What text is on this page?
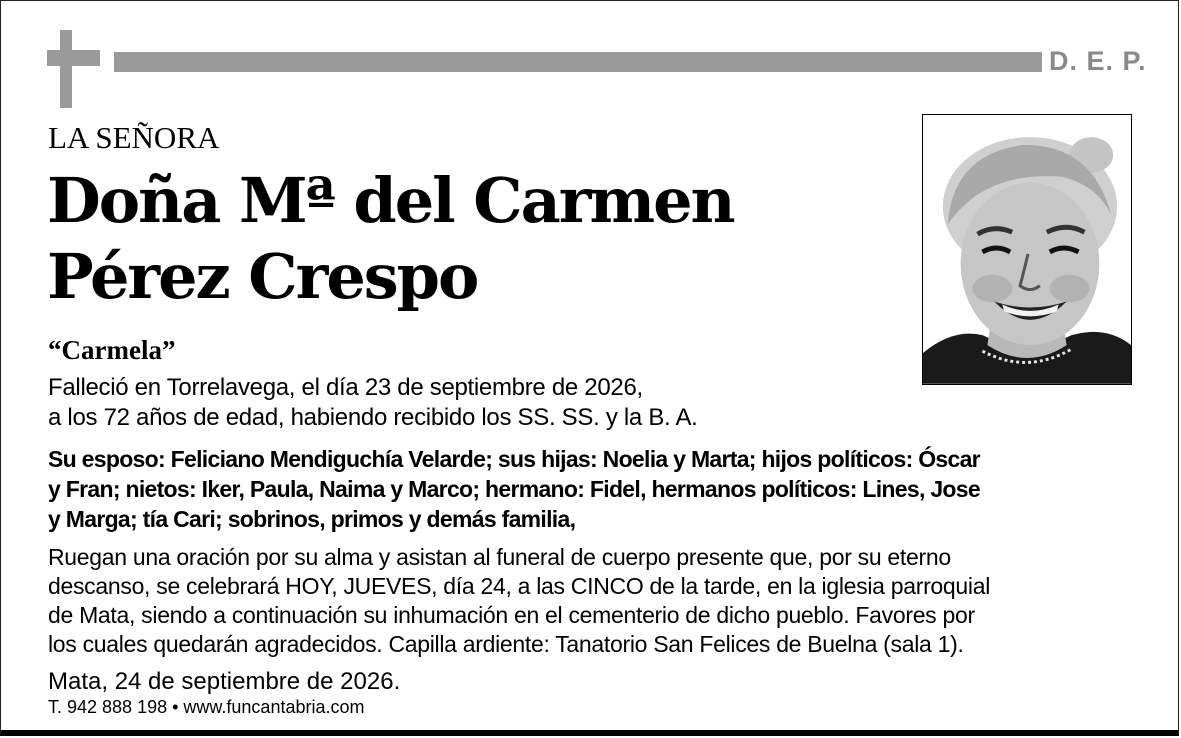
D. E. P.
LA SEÑORA
Doña Mª del Carmen
Pérez Crespo
“Carmela”
Falleció en Torrelavega, el día 23 de septiembre de 2026,
a los 72 años de edad, habiendo recibido los SS. SS. y la B. A.
Su esposo: Feliciano Mendiguchía Velarde; sus hijas: Noelia y Marta; hijos políticos: Óscar
y Fran; nietos: Iker, Paula, Naima y Marco; hermano: Fidel, hermanos políticos: Lines, Jose
y Marga; tía Cari; sobrinos, primos y demás familia,
Ruegan una oración por su alma y asistan al funeral de cuerpo presente que, por su eterno
descanso, se celebrará HOY, JUEVES, día 24, a las CINCO de la tarde, en la iglesia parroquial
de Mata, siendo a continuación su inhumación en el cementerio de dicho pueblo. Favores por
los cuales quedarán agradecidos. Capilla ardiente: Tanatorio San Felices de Buelna (sala 1).
Mata, 24 de septiembre de 2026.
T. 942 888 198 • www.funcantabria.com
